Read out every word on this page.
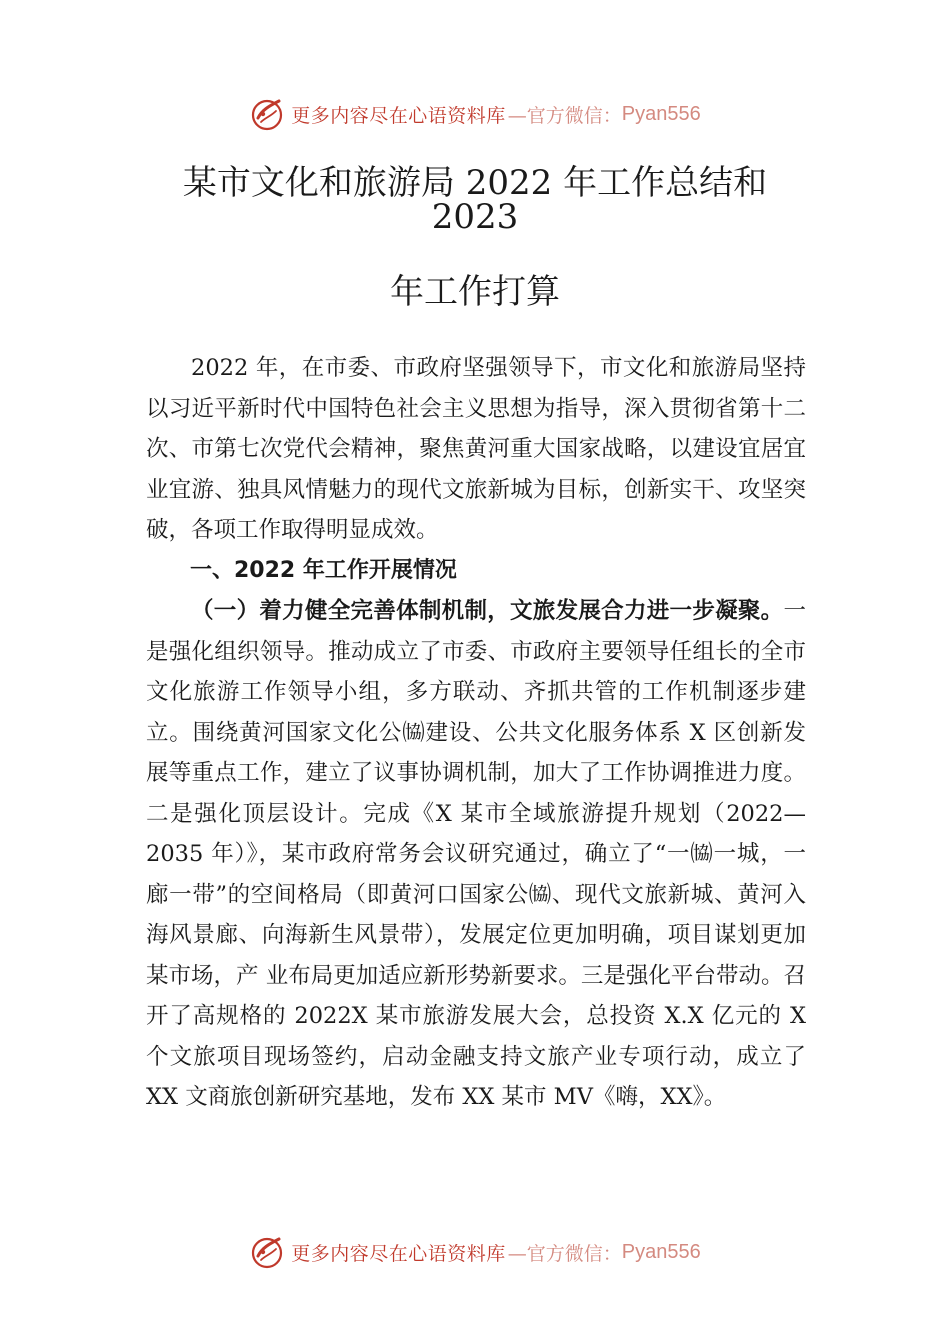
更多内容尽在心语资料库 —官方微信： Pyan556
某市文化和旅游局 2022 年工作总结和
2023
年工作打算

2022 年，在市委、市政府坚强领导下，市文化和旅游局坚持以习近平新时代中国特色社会主义思想为指导，深入贯彻省第十二次、市第七次党代会精神，聚焦黄河重大国家战略，以建设宜居宜业宜游、独具风情魅力的现代文旅新城为目标，创新实干、攻坚突破，各项工作取得明显成效。

一、2022 年工作开展情况

（一）着力健全完善体制机制，文旅发展合力进一步凝聚。一是强化组织领导。推动成立了市委、市政府主要领导任组长的全市文化旅游工作领导小组，多方联动、齐抓共管的工作机制逐步建立。围绕黄河国家文化公㈿建设、公共文化服务体系 X 区创新发展等重点工作，建立了议事协调机制，加大了工作协调推进力度。二是强化顶层设计。完成《X 某市全域旅游提升规划（2022—2035 年）》，某市政府常务会议研究通过，确立了“一㈿一城，一廊一带”的空间格局（即黄河口国家公㈿、现代文旅新城、黄河入海风景廊、向海新生风景带），发展定位更加明确，项目谋划更加某市场，产 业布局更加适应新形势新要求。三是强化平台带动。召开了高规格的 2022X 某市旅游发展大会，总投资 X.X 亿元的 X 个文旅项目现场签约，启动金融支持文旅产业专项行动，成立了 XX 文商旅创新研究基地，发布 XX 某市 MV《嗨，XX》。

更多内容尽在心语资料库 —官方微信： Pyan556
